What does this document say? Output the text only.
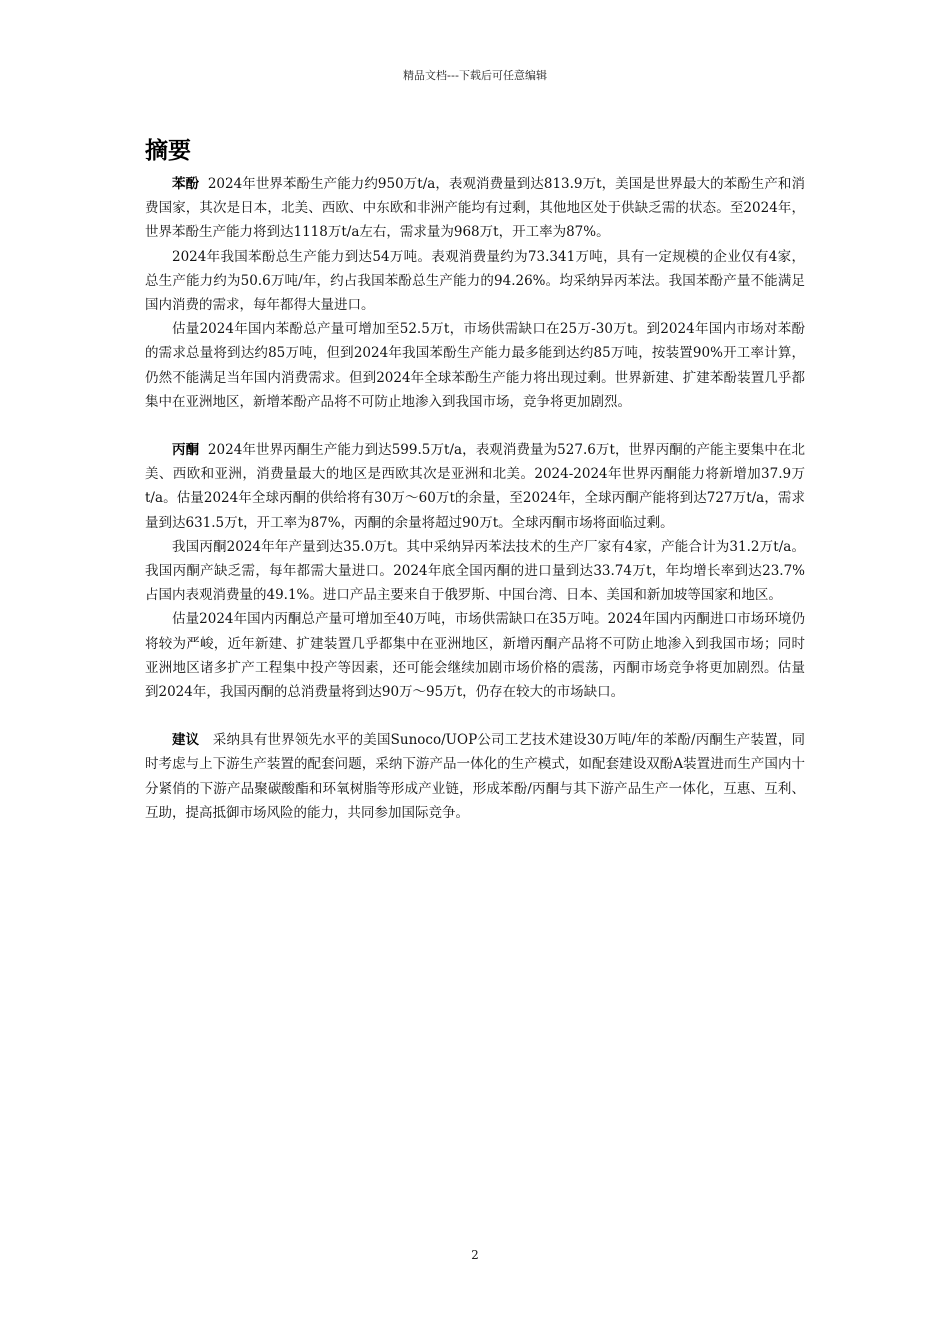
精品文档---下载后可任意编辑
摘要

苯酚 2024年世界苯酚生产能力约950万t/a，表观消费量到达813.9万t，美国是世界最大的苯酚生产和消费国家，其次是日本，北美、西欧、中东欧和非洲产能均有过剩，其他地区处于供缺乏需的状态。至2024年，世界苯酚生产能力将到达1118万t/a左右，需求量为968万t，开工率为87%。

2024年我国苯酚总生产能力到达54万吨。表观消费量约为73.341万吨，具有一定规模的企业仅有4家，总生产能力约为50.6万吨/年，约占我国苯酚总生产能力的94.26%。均采纳异丙苯法。我国苯酚产量不能满足国内消费的需求，每年都得大量进口。

估量2024年国内苯酚总产量可增加至52.5万t，市场供需缺口在25万-30万t。到2024年国内市场对苯酚的需求总量将到达约85万吨，但到2024年我国苯酚生产能力最多能到达约85万吨，按装置90%开工率计算，仍然不能满足当年国内消费需求。但到2024年全球苯酚生产能力将出现过剩。世界新建、扩建苯酚装置几乎都集中在亚洲地区，新增苯酚产品将不可防止地渗入到我国市场，竞争将更加剧烈。

丙酮 2024年世界丙酮生产能力到达599.5万t/a，表观消费量为527.6万t，世界丙酮的产能主要集中在北美、西欧和亚洲，消费量最大的地区是西欧其次是亚洲和北美。2024-2024年世界丙酮能力将新增加37.9万t/a。估量2024年全球丙酮的供给将有30万～60万t的余量，至2024年，全球丙酮产能将到达727万t/a，需求量到达631.5万t，开工率为87%，丙酮的余量将超过90万t。全球丙酮市场将面临过剩。

我国丙酮2024年年产量到达35.0万t。其中采纳异丙苯法技术的生产厂家有4家，产能合计为31.2万t/a。我国丙酮产缺乏需，每年都需大量进口。2024年底全国丙酮的进口量到达33.74万t，年均增长率到达23.7%占国内表观消费量的49.1%。进口产品主要来自于俄罗斯、中国台湾、日本、美国和新加坡等国家和地区。

估量2024年国内丙酮总产量可增加至40万吨，市场供需缺口在35万吨。2024年国内丙酮进口市场环境仍将较为严峻，近年新建、扩建装置几乎都集中在亚洲地区，新增丙酮产品将不可防止地渗入到我国市场；同时亚洲地区诸多扩产工程集中投产等因素，还可能会继续加剧市场价格的震荡，丙酮市场竞争将更加剧烈。估量到2024年，我国丙酮的总消费量将到达90万～95万t，仍存在较大的市场缺口。

建议 采纳具有世界领先水平的美国Sunoco/UOP公司工艺技术建设30万吨/年的苯酚/丙酮生产装置，同时考虑与上下游生产装置的配套问题，采纳下游产品一体化的生产模式，如配套建设双酚A装置进而生产国内十分紧俏的下游产品聚碳酸酯和环氧树脂等形成产业链，形成苯酚/丙酮与其下游产品生产一体化，互惠、互利、互助，提高抵御市场风险的能力，共同参加国际竞争。

2
